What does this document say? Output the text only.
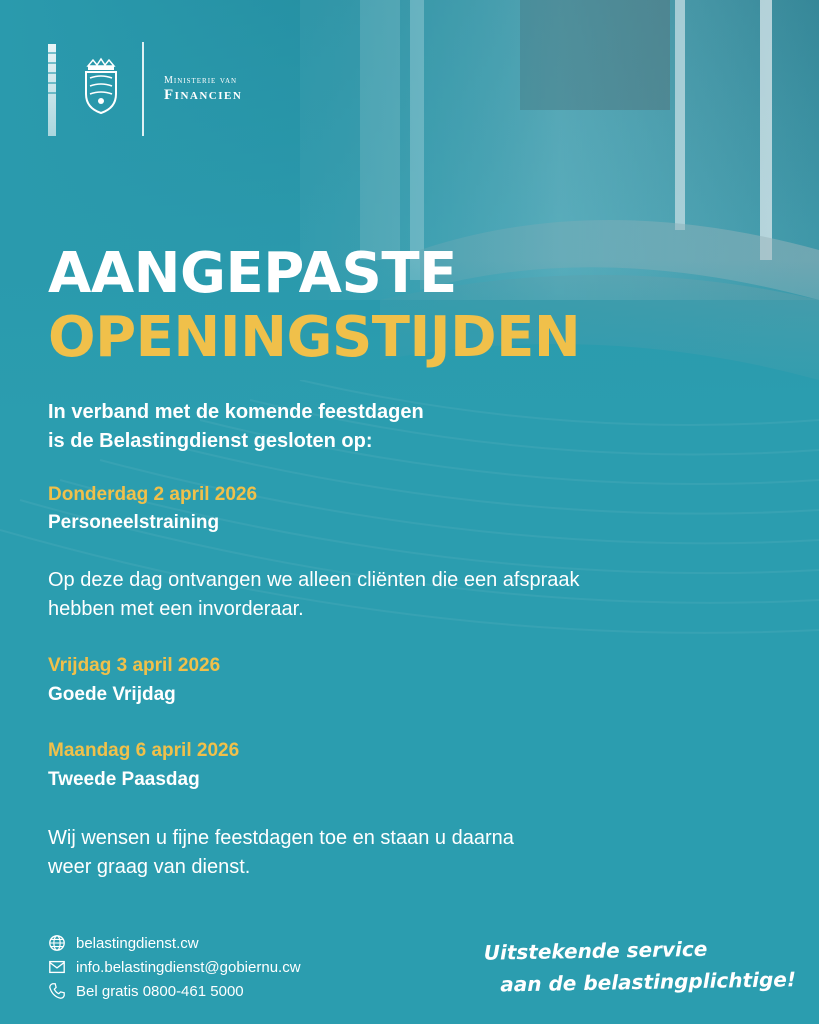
Ministerie van
Financien
AANGEPASTE
OPENINGSTIJDEN
In verband met de komende feestdagen
is de Belastingdienst gesloten op:
Donderdag 2 april 2026
Personeelstraining
Op deze dag ontvangen we alleen cliënten die een afspraak
hebben met een invorderaar.
Vrijdag 3 april 2026
Goede Vrijdag
Maandag 6 april 2026
Tweede Paasdag
Wij wensen u fijne feestdagen toe en staan u daarna
weer graag van dienst.
belastingdienst.cw
info.belastingdienst@gobiernu.cw
Bel gratis 0800-461 5000
Uitstekende service
aan de belastingplichtige!
